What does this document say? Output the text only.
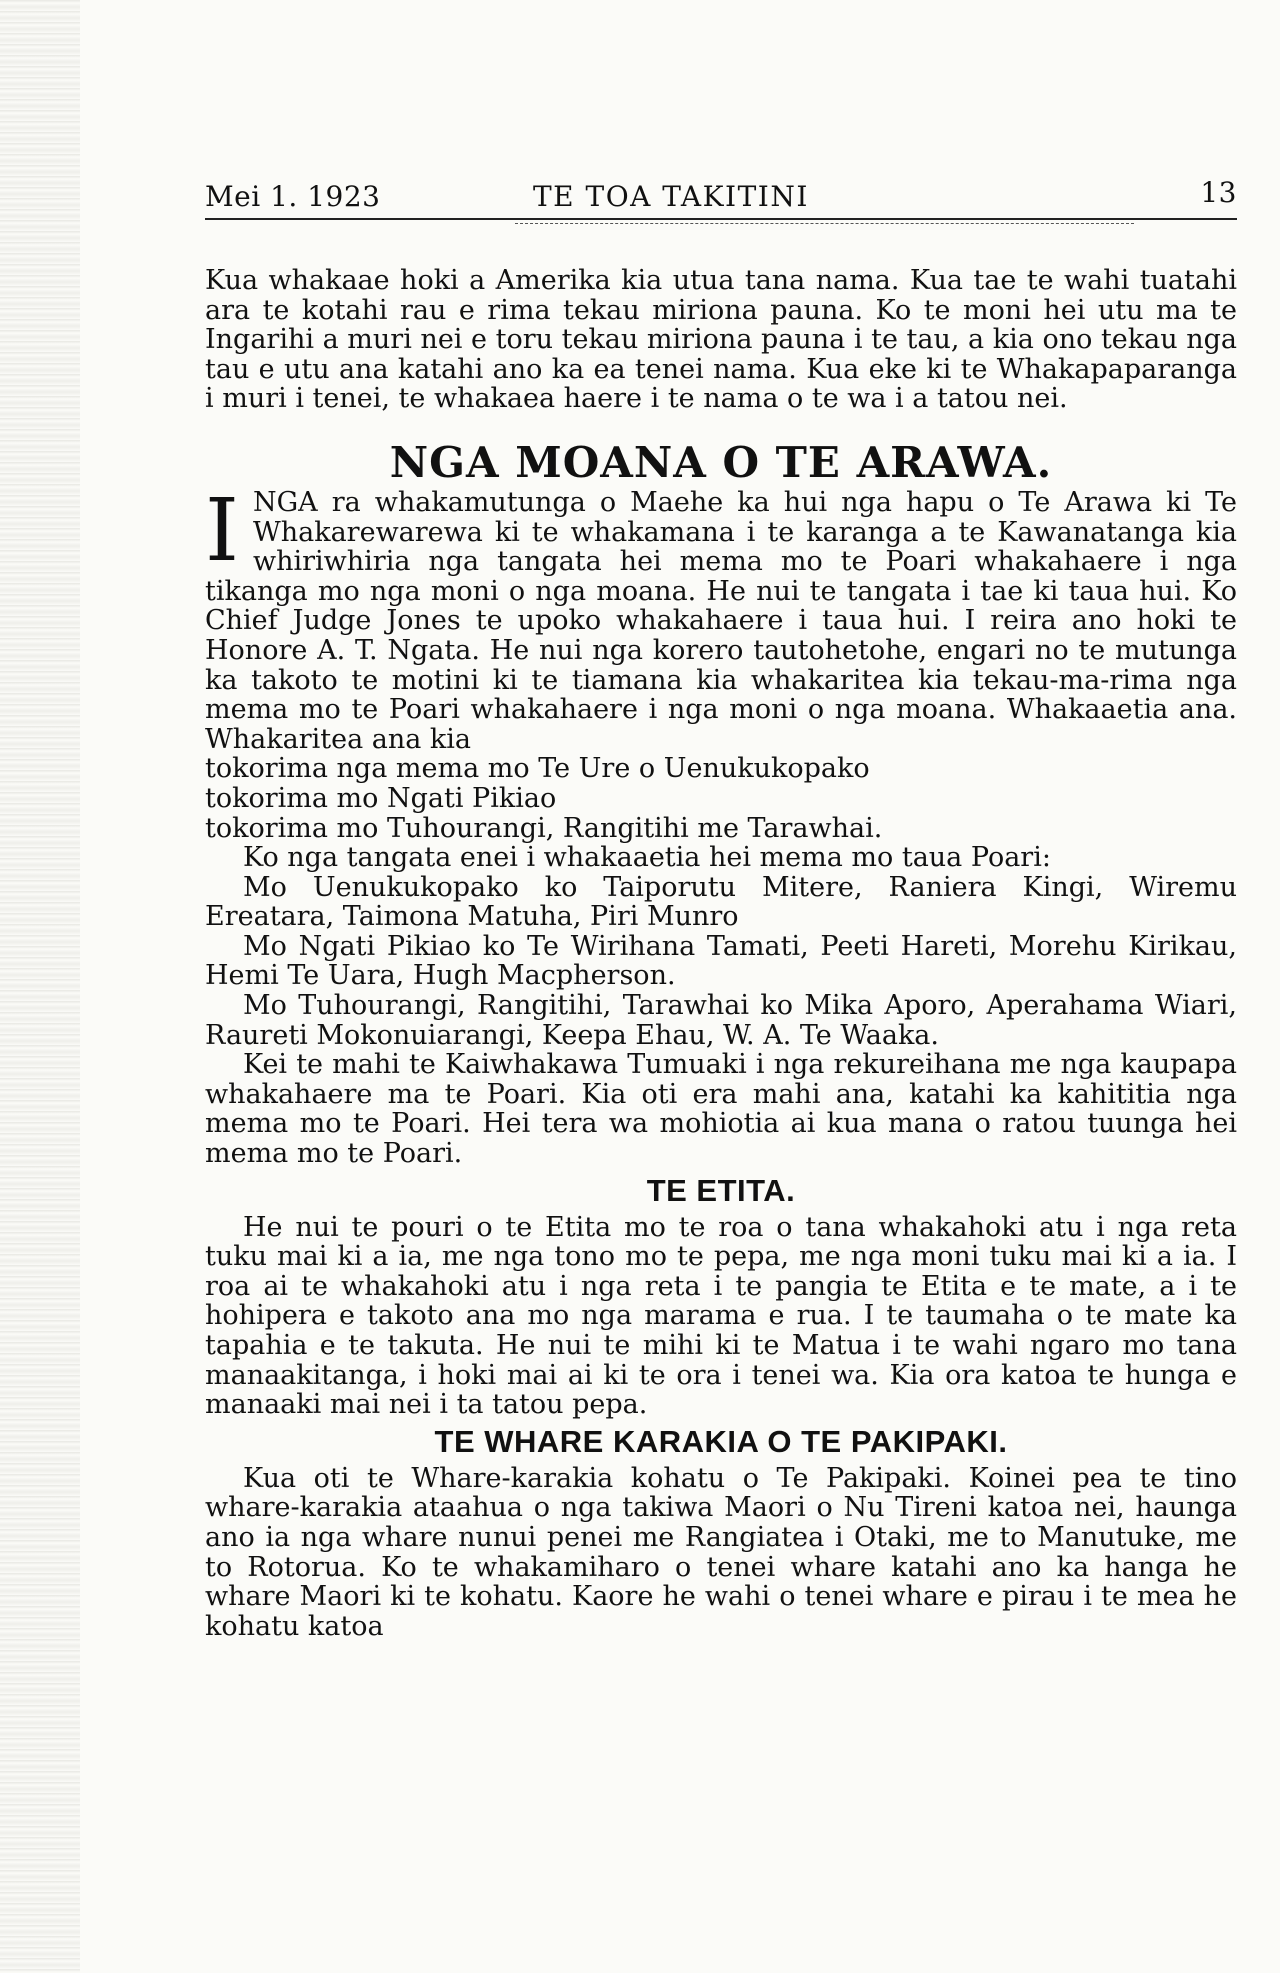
Mei 1. 1923	TE TOA TAKITINI	13

Kua whakaae hoki a Amerika kia utua tana nama. Kua tae te wahi tuatahi ara te kotahi rau e rima tekau miriona pauna. Ko te moni hei utu ma te Ingarihi a muri nei e toru tekau miriona pauna i te tau, a kia ono tekau nga tau e utu ana katahi ano ka ea tenei nama. Kua eke ki te Whakapaparanga i muri i tenei, te whakaea haere i te nama o te wa i a tatou nei.

NGA MOANA O TE ARAWA.

INGA ra whakamutunga o Maehe ka hui nga hapu o Te Arawa ki Te Whakarewarewa ki te whakamana i te karanga a te Kawanatanga kia whiriwhiria nga tangata hei mema mo te Poari whakahaere i nga tikanga mo nga moni o nga moana. He nui te tangata i tae ki taua hui. Ko Chief Judge Jones te upoko whakahaere i taua hui. I reira ano hoki te Honore A. T. Ngata. He nui nga korero tautohetohe, engari no te mutunga ka takoto te motini ki te tiamana kia whakaritea kia tekau-ma-rima nga mema mo te Poari whakahaere i nga moni o nga moana. Whakaaetia ana. Whakaritea ana kia

tokorima nga mema mo Te Ure o Uenukukopako

tokorima mo Ngati Pikiao

tokorima mo Tuhourangi, Rangitihi me Tarawhai.

Ko nga tangata enei i whakaaetia hei mema mo taua Poari:

Mo Uenukukopako ko Taiporutu Mitere, Raniera Kingi, Wiremu Ereatara, Taimona Matuha, Piri Munro

Mo Ngati Pikiao ko Te Wirihana Tamati, Peeti Hareti, Morehu Kirikau, Hemi Te Uara, Hugh Macpherson.

Mo Tuhourangi, Rangitihi, Tarawhai ko Mika Aporo, Aperahama Wiari, Raureti Mokonuiarangi, Keepa Ehau, W. A. Te Waaka.

Kei te mahi te Kaiwhakawa Tumuaki i nga rekureihana me nga kaupapa whakahaere ma te Poari. Kia oti era mahi ana, katahi ka kahititia nga mema mo te Poari. Hei tera wa mohiotia ai kua mana o ratou tuunga hei mema mo te Poari.

TE ETITA.

He nui te pouri o te Etita mo te roa o tana whakahoki atu i nga reta tuku mai ki a ia, me nga tono mo te pepa, me nga moni tuku mai ki a ia. I roa ai te whakahoki atu i nga reta i te pangia te Etita e te mate, a i te hohipera e takoto ana mo nga marama e rua. I te taumaha o te mate ka tapahia e te takuta. He nui te mihi ki te Matua i te wahi ngaro mo tana manaakitanga, i hoki mai ai ki te ora i tenei wa. Kia ora katoa te hunga e manaaki mai nei i ta tatou pepa.

TE WHARE KARAKIA O TE PAKIPAKI.

Kua oti te Whare-karakia kohatu o Te Pakipaki. Koinei pea te tino whare-karakia ataahua o nga takiwa Maori o Nu Tireni katoa nei, haunga ano ia nga whare nunui penei me Rangiatea i Otaki, me to Manutuke, me to Rotorua. Ko te whakamiharo o tenei whare katahi ano ka hanga he whare Maori ki te kohatu. Kaore he wahi o tenei whare e pirau i te mea he kohatu katoa
